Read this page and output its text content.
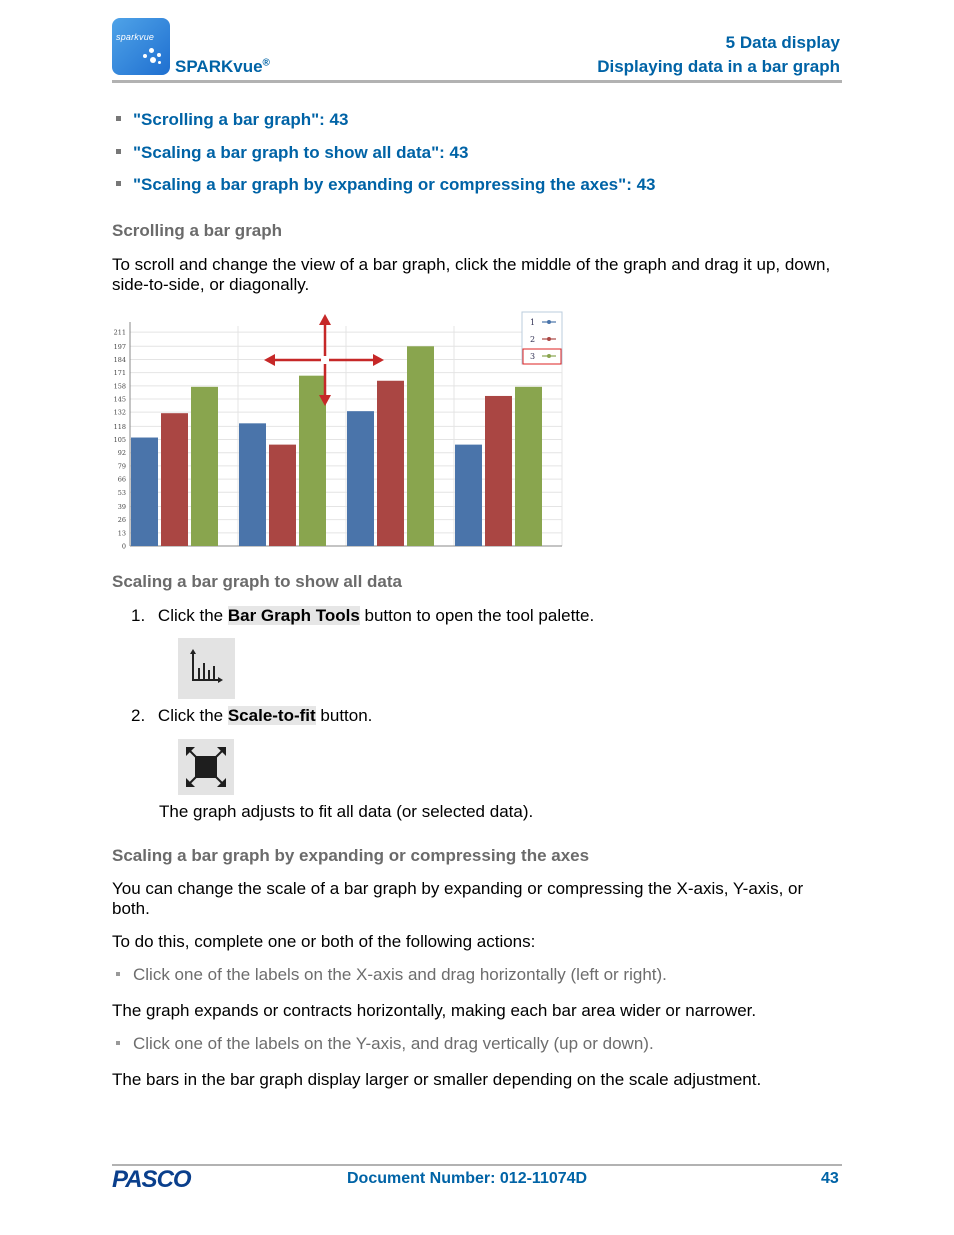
sparkvue
SPARKvue®
5 Data display
Displaying data in a bar graph
"Scrolling a bar graph": 43
"Scaling a bar graph to show all data": 43
"Scaling a bar graph by expanding or compressing the axes": 43
Scrolling a bar graph
To scroll and change the view of a bar graph, click the middle of the graph and drag it up, down, side-to-side, or diagonally.
0
13
26
39
53
66
79
92
105
118
132
145
158
171
184
197
211
1
2
3
Scaling a bar graph to show all data
1. Click the Bar Graph Tools button to open the tool palette.
2. Click the Scale-to-fit button.
The graph adjusts to fit all data (or selected data).
Scaling a bar graph by expanding or compressing the axes
You can change the scale of a bar graph by expanding or compressing the X-axis, Y-axis, or both.
To do this, complete one or both of the following actions:
Click one of the labels on the X-axis and drag horizontally (left or right).
The graph expands or contracts horizontally, making each bar area wider or narrower.
Click one of the labels on the Y-axis, and drag vertically (up or down).
The bars in the bar graph display larger or smaller depending on the scale adjustment.
PASCO	Document Number: 012-11074D	43
